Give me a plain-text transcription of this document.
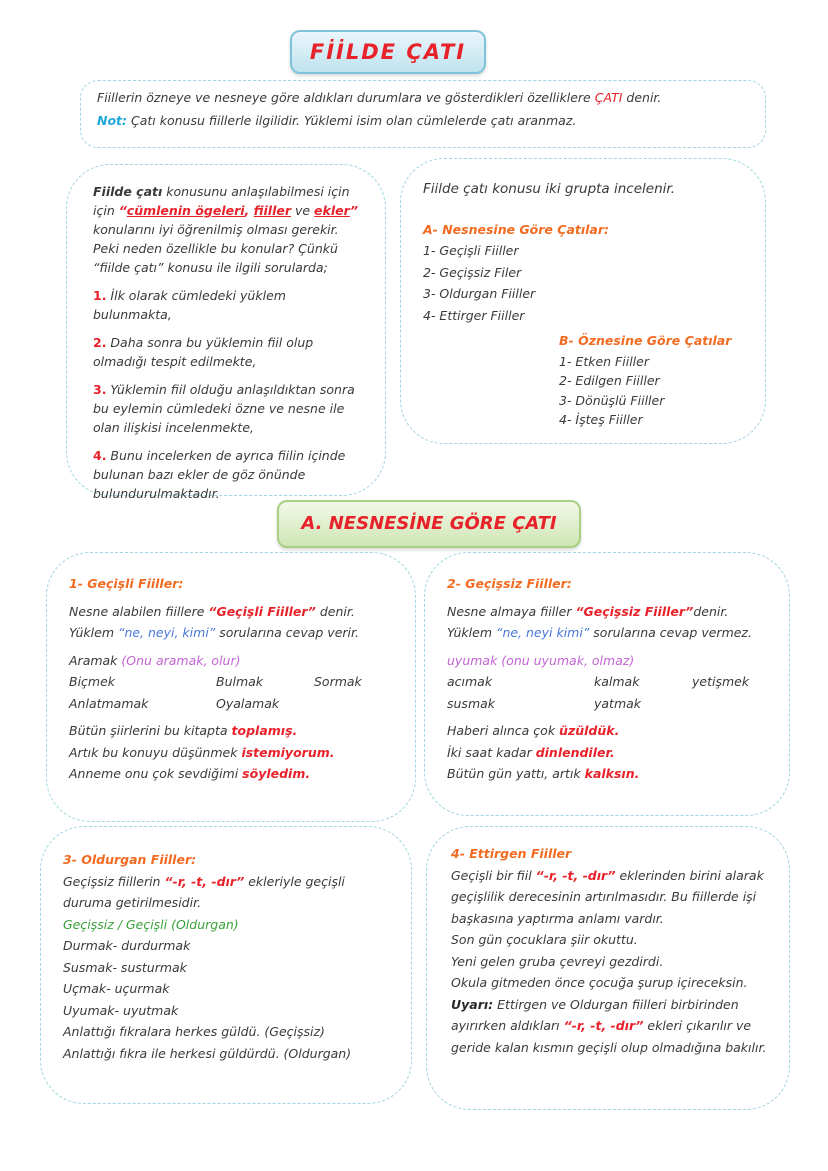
FİİLDE ÇATI

Fiillerin özneye ve nesneye göre aldıkları durumlara ve gösterdikleri özelliklere ÇATI denir.

Not: Çatı konusu fiillerle ilgilidir. Yüklemi isim olan cümlelerde çatı aranmaz.

Fiilde çatı konusunu anlaşılabilmesi için için “cümlenin ögeleri, fiiller ve ekler” konularını iyi öğrenilmiş olması gerekir. Peki neden özellikle bu konular? Çünkü “fiilde çatı” konusu ile ilgili sorularda;

1. İlk olarak cümledeki yüklem bulunmakta,

2. Daha sonra bu yüklemin fiil olup olmadığı tespit edilmekte,

3. Yüklemin fiil olduğu anlaşıldıktan sonra bu eylemin cümledeki özne ve nesne ile olan ilişkisi incelenmekte,

4. Bunu incelerken de ayrıca fiilin içinde bulunan bazı ekler de göz önünde bulundurulmaktadır.

Fiilde çatı konusu iki grupta incelenir.
A- Nesnesine Göre Çatılar:
1- Geçişli Fiiller
2- Geçişsiz Filer
3- Oldurgan Fiiller
4- Ettirger Fiiller
B- Öznesine Göre Çatılar
1- Etken Fiiller
2- Edilgen Fiiller
3- Dönüşlü Fiiller
4- İşteş Fiiller
A. NESNESİNE GÖRE ÇATI
1- Geçişli Fiiller:
Nesne alabilen fiillere “Geçişli Fiiller” denir.
Yüklem “ne, neyi, kimi” sorularına cevap verir.
Aramak (Onu aramak, olur)
Biçmek	Bulmak	Sormak
Anlatmamak	Oyalamak
Bütün şiirlerini bu kitapta toplamış.
Artık bu konuyu düşünmek istemiyorum.
Anneme onu çok sevdiğimi söyledim.
2- Geçişsiz Fiiller:
Nesne almaya fiiller “Geçişsiz Fiiller”denir.
Yüklem “ne, neyi kimi” sorularına cevap vermez.
uyumak (onu uyumak, olmaz)
acımak	kalmak	yetişmek
susmak	yatmak
Haberi alınca çok üzüldük.
İki saat kadar dinlendiler.
Bütün gün yattı, artık kalksın.
3- Oldurgan Fiiller:
Geçişsiz fiillerin “-r, -t, -dır” ekleriyle geçişli duruma getirilmesidir.
Geçişsiz / Geçişli (Oldurgan)
Durmak- durdurmak
Susmak- susturmak
Uçmak- uçurmak
Uyumak- uyutmak
Anlattığı fıkralara herkes güldü. (Geçişsiz)
Anlattığı fıkra ile herkesi güldürdü. (Oldurgan)
4- Ettirgen Fiiller
Geçişli bir fiil “-r, -t, -dır” eklerinden birini alarak geçişlilik derecesinin artırılmasıdır. Bu fiillerde işi başkasına yaptırma anlamı vardır.
Son gün çocuklara şiir okuttu.
Yeni gelen gruba çevreyi gezdirdi.
Okula gitmeden önce çocuğa şurup içireceksin.
Uyarı: Ettirgen ve Oldurgan fiilleri birbirinden ayırırken aldıkları “-r, -t, -dır” ekleri çıkarılır ve geride kalan kısmın geçişli olup olmadığına bakılır.
